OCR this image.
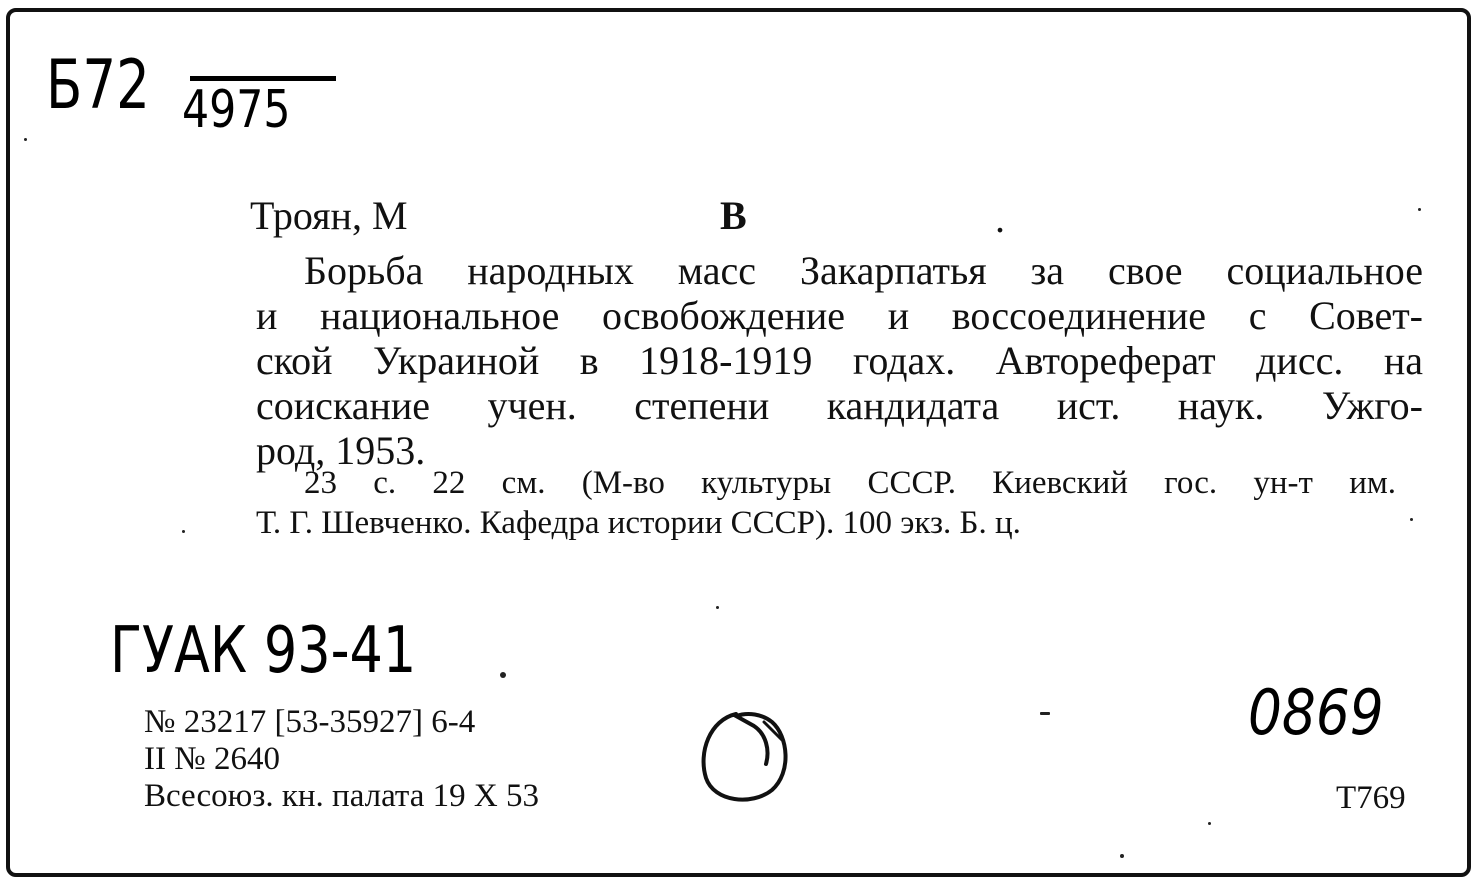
Б72 4975
Троян, М	В	.
Борьба народных масс Закарпатья за свое социальное
и национальное освобождение и воссоединение с Совет-
ской Украиной в 1918-1919 годах. Автореферат дисс. на
соискание учен. степени кандидата ист. наук. Ужго-
род, 1953.
23 с. 22 см. (М-во культуры СССР. Киевский гос. ун-т им.
Т. Г. Шевченко. Кафедра истории СССР). 100 экз. Б. ц.
ГУАК 93-41
№ 23217 [53-35927] 6-4
II № 2640
Всесоюз. кн. палата 19 X 53
0869
Т769
